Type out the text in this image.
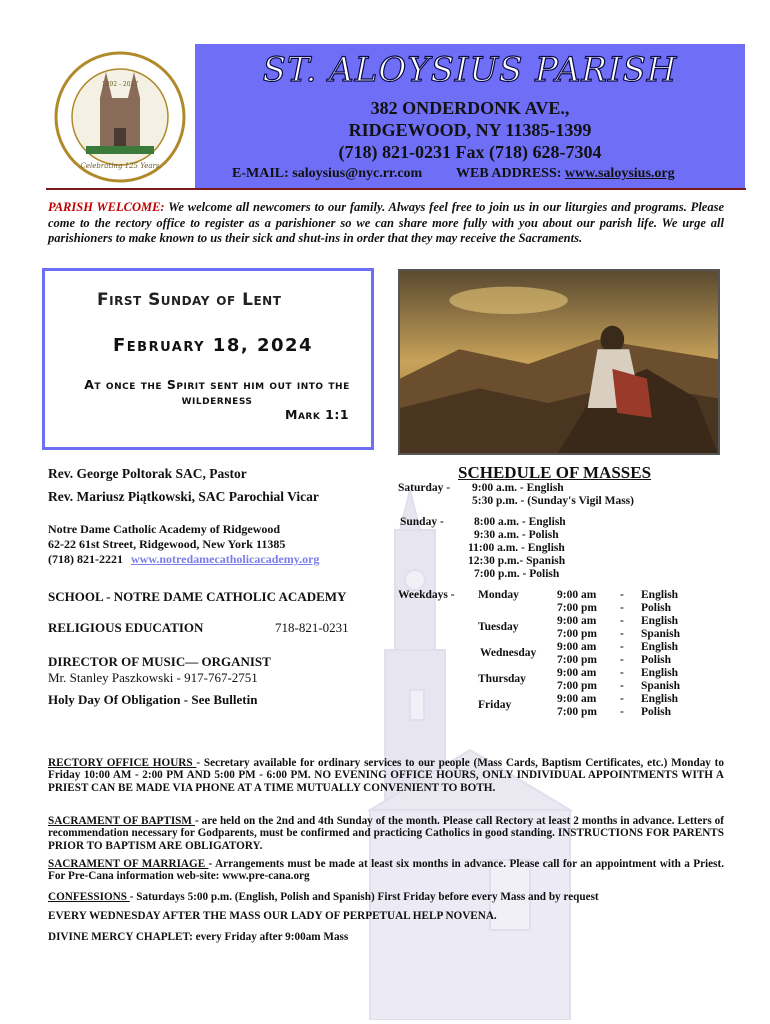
1892 - 2017
Celebrating 125 Years
ST. ALOYSIUS PARISH
382 ONDERDONK AVE.,
RIDGEWOOD, NY 11385-1399
(718) 821-0231 Fax (718) 628-7304
E-MAIL: saloysius@nyc.rr.com WEB ADDRESS: www.saloysius.org
PARISH WELCOME: We welcome all newcomers to our family. Always feel free to join us in our liturgies and programs. Please come to the rectory office to register as a parishioner so we can share more fully with you about our parish life. We urge all parishioners to make known to us their sick and shut-ins in order that they may receive the Sacraments.
First Sunday of Lent
February 18, 2024
At once the Spirit sent him out into the wilderness
Mark 1:1
Rev. George Poltorak SAC, Pastor
Rev. Mariusz Piątkowski, SAC Parochial Vicar
Notre Dame Catholic Academy of Ridgewood
62-22 61st Street, Ridgewood, New York 11385
(718) 821-2221 www.notredamecatholicacademy.org
SCHOOL - NOTRE DAME CATHOLIC ACADEMY
RELIGIOUS EDUCATION	718-821-0231
DIRECTOR OF MUSIC— ORGANIST
Mr. Stanley Paszkowski - 917-767-2751
Holy Day Of Obligation - See Bulletin
SCHEDULE OF MASSES
Saturday - 9:00 a.m. - English
5:30 p.m. - (Sunday's Vigil Mass)
Sunday -	8:00 a.m. - English
9:30 a.m. - Polish
11:00 a.m. - English
12:30 p.m.- Spanish
7:00 p.m. - Polish
Weekdays - Monday	9:00 am - English
7:00 pm - Polish
Tuesday	9:00 am - English
7:00 pm - Spanish
Wednesday 9:00 am - English
7:00 pm - Polish
Thursday	9:00 am - English
7:00 pm - Spanish
Friday	9:00 am - English
7:00 pm - Polish
RECTORY OFFICE HOURS - Secretary available for ordinary services to our people (Mass Cards, Baptism Certificates, etc.) Monday to Friday 10:00 AM - 2:00 PM AND 5:00 PM - 6:00 PM. NO EVENING OFFICE HOURS, ONLY INDIVIDUAL APPOINTMENTS WITH A PRIEST CAN BE MADE VIA PHONE AT A TIME MUTUALLY CONVENIENT TO BOTH.
SACRAMENT OF BAPTISM - are held on the 2nd and 4th Sunday of the month. Please call Rectory at least 2 months in advance. Letters of recommendation necessary for Godparents, must be confirmed and practicing Catholics in good standing. INSTRUCTIONS FOR PARENTS PRIOR TO BAPTISM ARE OBLIGATORY.
SACRAMENT OF MARRIAGE - Arrangements must be made at least six months in advance. Please call for an appointment with a Priest. For Pre-Cana information web-site: www.pre-cana.org
CONFESSIONS - Saturdays 5:00 p.m. (English, Polish and Spanish) First Friday before every Mass and by request
EVERY WEDNESDAY AFTER THE MASS OUR LADY OF PERPETUAL HELP NOVENA.
DIVINE MERCY CHAPLET: every Friday after 9:00am Mass
